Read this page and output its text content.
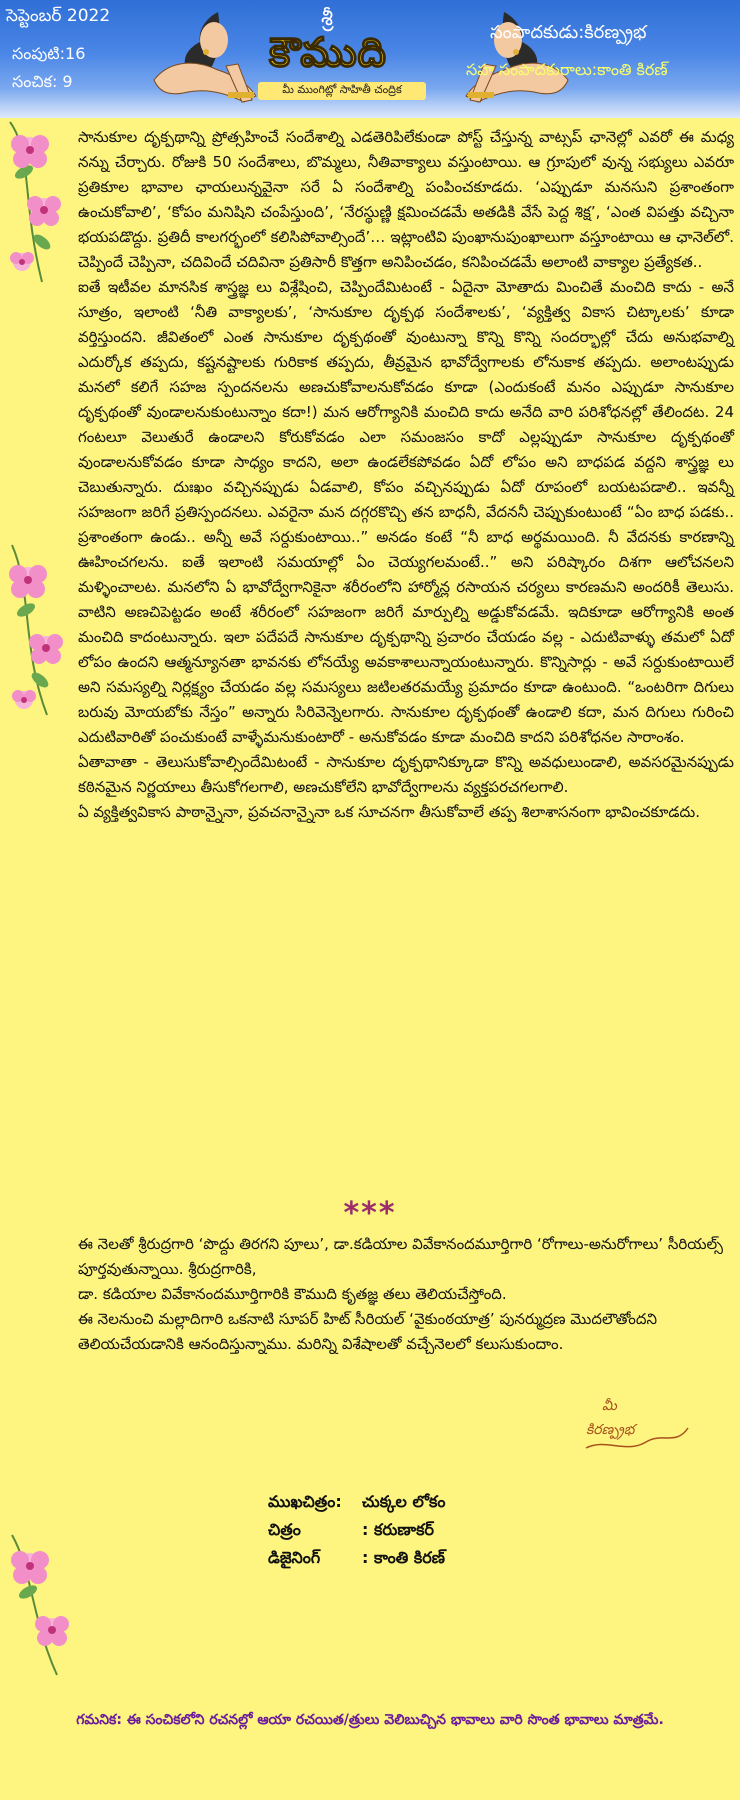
సెప్టెంబర్ 2022
సంపుటి:16
సంచిక: 9
శ్రీ
కౌముది
మీ ముంగిట్లో సాహితీ చంద్రిక
సంపాదకుడు:కిరణ్ప్రభ
సహ సంపాదకురాలు:కాంతి కిరణ్

సానుకూల దృక్పథాన్ని ప్రోత్సహించే సందేశాల్ని ఎడతెరిపిలేకుండా పోస్ట్ చేస్తున్న వాట్సప్ ఛానెల్లో ఎవరో ఈ మధ్య నన్ను చేర్చారు. రోజుకి 50 సందేశాలు, బొమ్మలు, నీతివాక్యాలు వస్తుంటాయి. ఆ గ్రూపులో వున్న సభ్యులు ఎవరూ ప్రతికూల భావాల ఛాయలున్నవైనా సరే ఏ సందేశాల్ని పంపించకూడదు. ‘ఎప్పుడూ మనసుని ప్రశాంతంగా ఉంచుకోవాలి’, ‘కోపం మనిషిని చంపేస్తుంది’, ‘నేరస్థుణ్ణి క్షమించడమే అతడికి వేసే పెద్ద శిక్ష’, ‘ఎంత విపత్తు వచ్చినా భయపడొద్దు. ప్రతిదీ కాలగర్భంలో కలిసిపోవాల్సిందే’… ఇట్లాంటివి పుంఖానుపుంఖాలుగా వస్తూంటాయి ఆ ఛానెల్‌లో. చెప్పిందే చెప్పినా, చదివిందే చదివినా ప్రతిసారీ కొత్తగా అనిపించడం, కనిపించడమే అలాంటి వాక్యాల ప్రత్యేకత..

ఐతే ఇటీవల మానసిక శాస్త్రజ్ఞ లు విశ్లేషించి, చెప్పిందేమిటంటే - ఏదైనా మోతాదు మించితే మంచిది కాదు - అనే సూత్రం, ఇలాంటి ‘నీతి వాక్యాలకు’, ‘సానుకూల దృక్పథ సందేశాలకు’, ‘వ్యక్తిత్వ వికాస చిట్కాలకు’ కూడా వర్తిస్తుందని. జీవితంలో ఎంత సానుకూల దృక్పథంతో వుంటున్నా కొన్ని కొన్ని సందర్భాల్లో చేదు అనుభవాల్ని ఎదుర్కోక తప్పదు, కష్టనష్టాలకు గురికాక తప్పదు, తీవ్రమైన భావోద్వేగాలకు లోనుకాక తప్పదు. అలాంటప్పుడు మనలో కలిగే సహజ స్పందనలను అణచుకోవాలనుకోవడం కూడా (ఎందుకంటే మనం ఎప్పుడూ సానుకూల దృక్పథంతో వుండాలనుకుంటున్నాం కదా!) మన ఆరోగ్యానికి మంచిది కాదు అనేది వారి పరిశోధనల్లో తేలిందట. 24 గంటలూ వెలుతురే ఉండాలని కోరుకోవడం ఎలా సమంజసం కాదో ఎల్లప్పుడూ సానుకూల దృక్పథంతో వుండాలనుకోవడం కూడా సాధ్యం కాదని, అలా ఉండలేకపోవడం ఏదో లోపం అని బాధపడ వద్దని శాస్త్రజ్ఞ లు చెబుతున్నారు. దుఃఖం వచ్చినప్పుడు ఏడవాలి, కోపం వచ్చినప్పుడు ఏదో రూపంలో బయటపడాలి.. ఇవన్నీ సహజంగా జరిగే ప్రతిస్పందనలు. ఎవరైనా మన దగ్గరకొచ్చి తన బాధనీ, వేదననీ చెప్పుకుంటుంటే “ఏం బాధ పడకు.. ప్రశాంతంగా ఉండు.. అన్నీ అవే సర్దుకుంటాయి..” అనడం కంటే “నీ బాధ అర్థమయింది. నీ వేదనకు కారణాన్ని ఊహించగలను. ఐతే ఇలాంటి సమయాల్లో ఏం చెయ్యగలమంటే..” అని పరిష్కారం దిశగా ఆలోచనలని మళ్ళించాలట. మనలోని ఏ భావోద్వేగానికైనా శరీరంలోని హార్మోన్ల రసాయన చర్యలు కారణమని అందరికీ తెలుసు. వాటిని అణచిపెట్టడం అంటే శరీరంలో సహజంగా జరిగే మార్పుల్ని అడ్డుకోవడమే. ఇదికూడా ఆరోగ్యానికి అంత మంచిది కాదంటున్నారు. ఇలా పదేపదే సానుకూల దృక్పథాన్ని ప్రచారం చేయడం వల్ల - ఎదుటివాళ్ళు తమలో ఏదో లోపం ఉందని ఆత్మన్యూనతా భావనకు లోనయ్యే అవకాశాలున్నాయంటున్నారు. కొన్నిసార్లు - అవే సర్దుకుంటాయిలే అని సమస్యల్ని నిర్లక్ష్యం చేయడం వల్ల సమస్యలు జటిలతరమయ్యే ప్రమాదం కూడా ఉంటుంది. “ఒంటరిగా దిగులు బరువు మోయబోకు నేస్తం” అన్నారు సిరివెన్నెలగారు. సానుకూల దృక్పథంతో ఉండాలి కదా, మన దిగులు గురించి ఎదుటివారితో పంచుకుంటే వాళ్ళేమనుకుంటారో - అనుకోవడం కూడా మంచిది కాదని పరిశోధనల సారాంశం.

ఏతావాతా - తెలుసుకోవాల్సిందేమిటంటే - సానుకూల దృక్పథానిక్కూడా కొన్ని అవధులుండాలి, అవసరమైనప్పుడు కఠినమైన నిర్ణయాలు తీసుకోగలగాలి, అణచుకోలేని భావోద్వేగాలను వ్యక్తపరచగలగాలి.

ఏ వ్యక్తిత్వవికాస పాఠాన్నైనా, ప్రవచనాన్నైనా ఒక సూచనగా తీసుకోవాలే తప్ప శిలాశాసనంగా భావించకూడదు.

***

ఈ నెలతో శ్రీరుద్రగారి ‘పొద్దు తిరగని పూలు’, డా.కడియాల వివేకానందమూర్తిగారి ‘రోగాలు-అనురోగాలు’ సీరియల్స్ పూర్తవుతున్నాయి. శ్రీరుద్రగారికి,

డా. కడియాల వివేకానందమూర్తిగారికి కౌముది కృతజ్ఞ తలు తెలియచేస్తోంది.

ఈ నెలనుంచి మల్లాదిగారి ఒకనాటి సూపర్ హిట్ సీరియల్ ‘వైకుంఠయాత్ర’ పునర్ముద్రణ మొదలౌతోందని తెలియచేయడానికి ఆనందిస్తున్నాము. మరిన్ని విశేషాలతో వచ్చేనెలలో కలుసుకుందాం.

మీ
కిరణ్ప్రభ
ముఖచిత్రం:	చుక్కల లోకం
చిత్రం	: కరుణాకర్
డిజైనింగ్	: కాంతి కిరణ్
గమనిక: ఈ సంచికలోని రచనల్లో ఆయా రచయిత/త్రులు వెలిబుచ్చిన భావాలు వారి సొంత భావాలు మాత్రమే.
